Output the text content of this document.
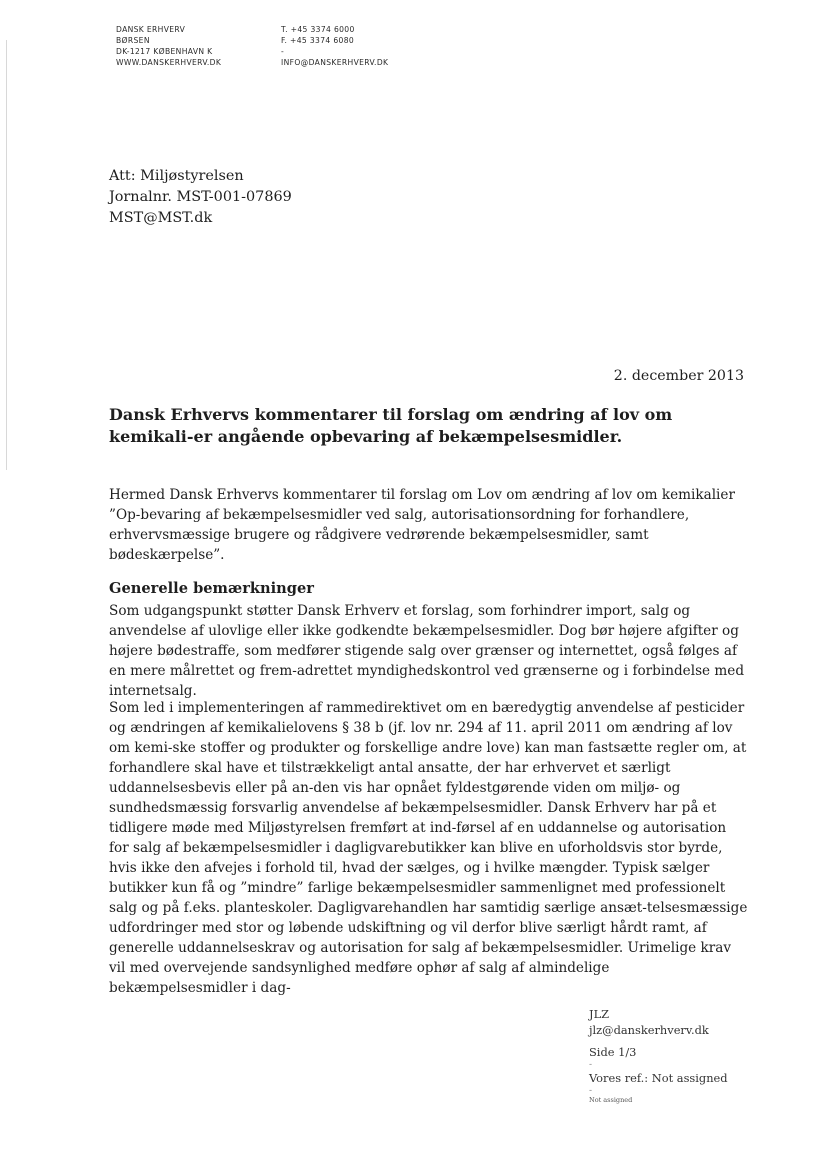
DANSK ERHVERV
BØRSEN
DK-1217 KØBENHAVN K
WWW.DANSKERHVERV.DK
T. +45 3374 6000
F. +45 3374 6080
-
INFO@DANSKERHVERV.DK
Att: Miljøstyrelsen
Jornalnr. MST-001-07869
MST@MST.dk
2. december 2013
Dansk Erhvervs kommentarer til forslag om ændring af lov om kemikali-er angående opbevaring af bekæmpelsesmidler.

Hermed Dansk Erhvervs kommentarer til forslag om Lov om ændring af lov om kemikalier ”Op-bevaring af bekæmpelsesmidler ved salg, autorisationsordning for forhandlere, erhvervsmæssige brugere og rådgivere vedrørende bekæmpelsesmidler, samt bødeskærpelse”.

Generelle bemærkninger

Som udgangspunkt støtter Dansk Erhverv et forslag, som forhindrer import, salg og anvendelse af ulovlige eller ikke godkendte bekæmpelsesmidler. Dog bør højere afgifter og højere bødestraffe, som medfører stigende salg over grænser og internettet, også følges af en mere målrettet og frem-adrettet myndighedskontrol ved grænserne og i forbindelse med internetsalg.

Som led i implementeringen af rammedirektivet om en bæredygtig anvendelse af pesticider og ændringen af kemikalielovens § 38 b (jf. lov nr. 294 af 11. april 2011 om ændring af lov om kemi-ske stoffer og produkter og forskellige andre love) kan man fastsætte regler om, at forhandlere skal have et tilstrækkeligt antal ansatte, der har erhvervet et særligt uddannelsesbevis eller på an-den vis har opnået fyldestgørende viden om miljø- og sundhedsmæssig forsvarlig anvendelse af bekæmpelsesmidler. Dansk Erhverv har på et tidligere møde med Miljøstyrelsen fremført at ind-førsel af en uddannelse og autorisation for salg af bekæmpelsesmidler i dagligvarebutikker kan blive en uforholdsvis stor byrde, hvis ikke den afvejes i forhold til, hvad der sælges, og i hvilke mængder. Typisk sælger butikker kun få og ”mindre” farlige bekæmpelsesmidler sammenlignet med professionelt salg og på f.eks. planteskoler. Dagligvarehandlen har samtidig særlige ansæt-telsesmæssige udfordringer med stor og løbende udskiftning og vil derfor blive særligt hårdt ramt, af generelle uddannelseskrav og autorisation for salg af bekæmpelsesmidler. Urimelige krav vil med overvejende sandsynlighed medføre ophør af salg af almindelige bekæmpelsesmidler i dag-

JLZ
jlz@danskerhverv.dk
Side 1/3
-
Vores ref.: Not assigned
-
Not assigned
